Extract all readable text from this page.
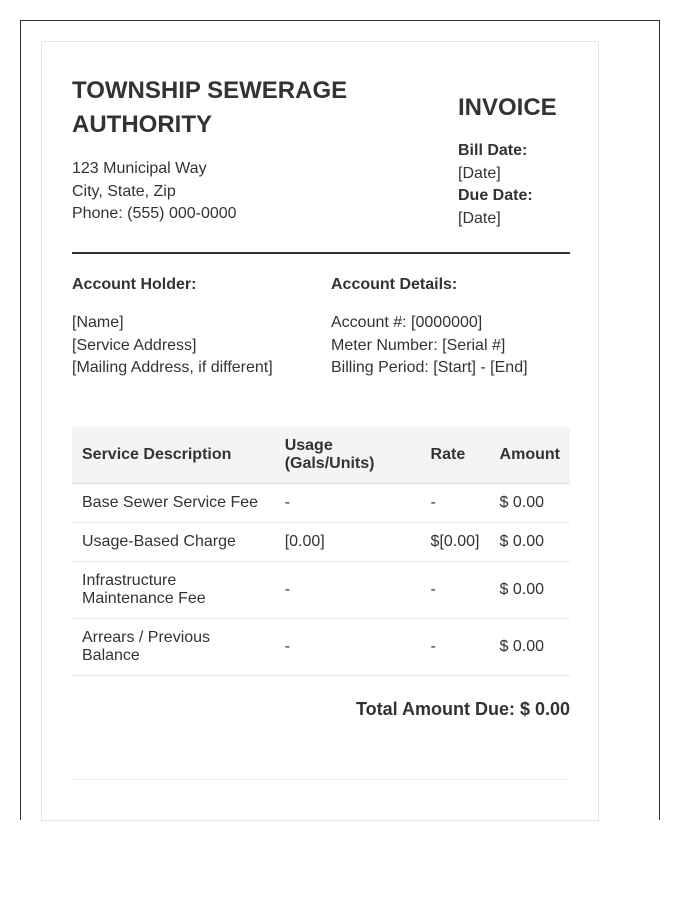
TOWNSHIP SEWERAGE AUTHORITY
123 Municipal Way
City, State, Zip
Phone: (555) 000-0000
INVOICE
Bill Date:
[Date]
Due Date:
[Date]
Account Holder:
[Name]
[Service Address]
[Mailing Address, if different]
Account Details:
Account #: [0000000]
Meter Number: [Serial #]
Billing Period: [Start] - [End]
Service Description	Usage (Gals/Units)	Rate	Amount
Base Sewer Service Fee	-	-	$ 0.00
Usage-Based Charge	[0.00]	$[0.00]	$ 0.00
Infrastructure Maintenance Fee	-	-	$ 0.00
Arrears / Previous Balance	-	-	$ 0.00
Total Amount Due: $ 0.00
